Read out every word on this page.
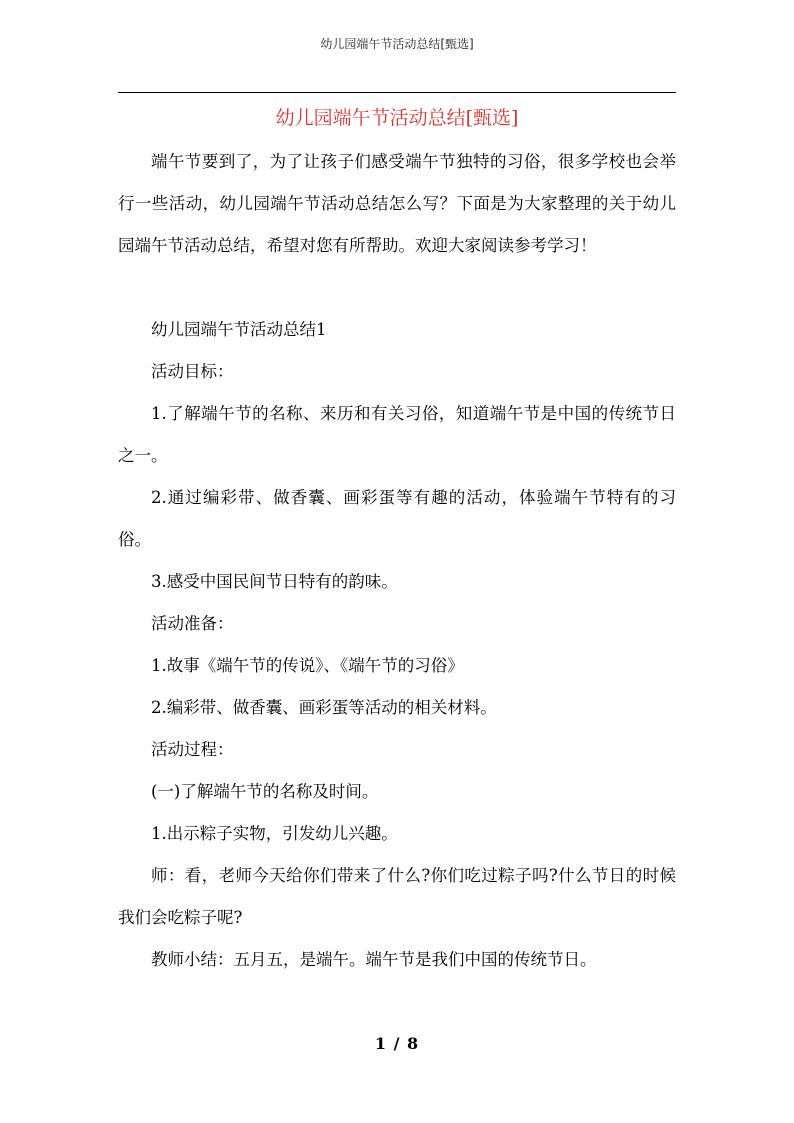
幼儿园端午节活动总结[甄选]
幼儿园端午节活动总结[甄选]

端午节要到了，为了让孩子们感受端午节独特的习俗，很多学校也会举行一些活动，幼儿园端午节活动总结怎么写？下面是为大家整理的关于幼儿园端午节活动总结，希望对您有所帮助。欢迎大家阅读参考学习！

幼儿园端午节活动总结1

活动目标：

1.了解端午节的名称、来历和有关习俗，知道端午节是中国的传统节日之一。

2.通过编彩带、做香囊、画彩蛋等有趣的活动，体验端午节特有的习俗。

3.感受中国民间节日特有的韵味。

活动准备：

1.故事《端午节的传说》、《端午节的习俗》

2.编彩带、做香囊、画彩蛋等活动的相关材料。

活动过程：

(一)了解端午节的名称及时间。

1.出示粽子实物，引发幼儿兴趣。

师：看，老师今天给你们带来了什么?你们吃过粽子吗?什么节日的时候我们会吃粽子呢?

教师小结：五月五，是端午。端午节是我们中国的传统节日。

1 / 8
